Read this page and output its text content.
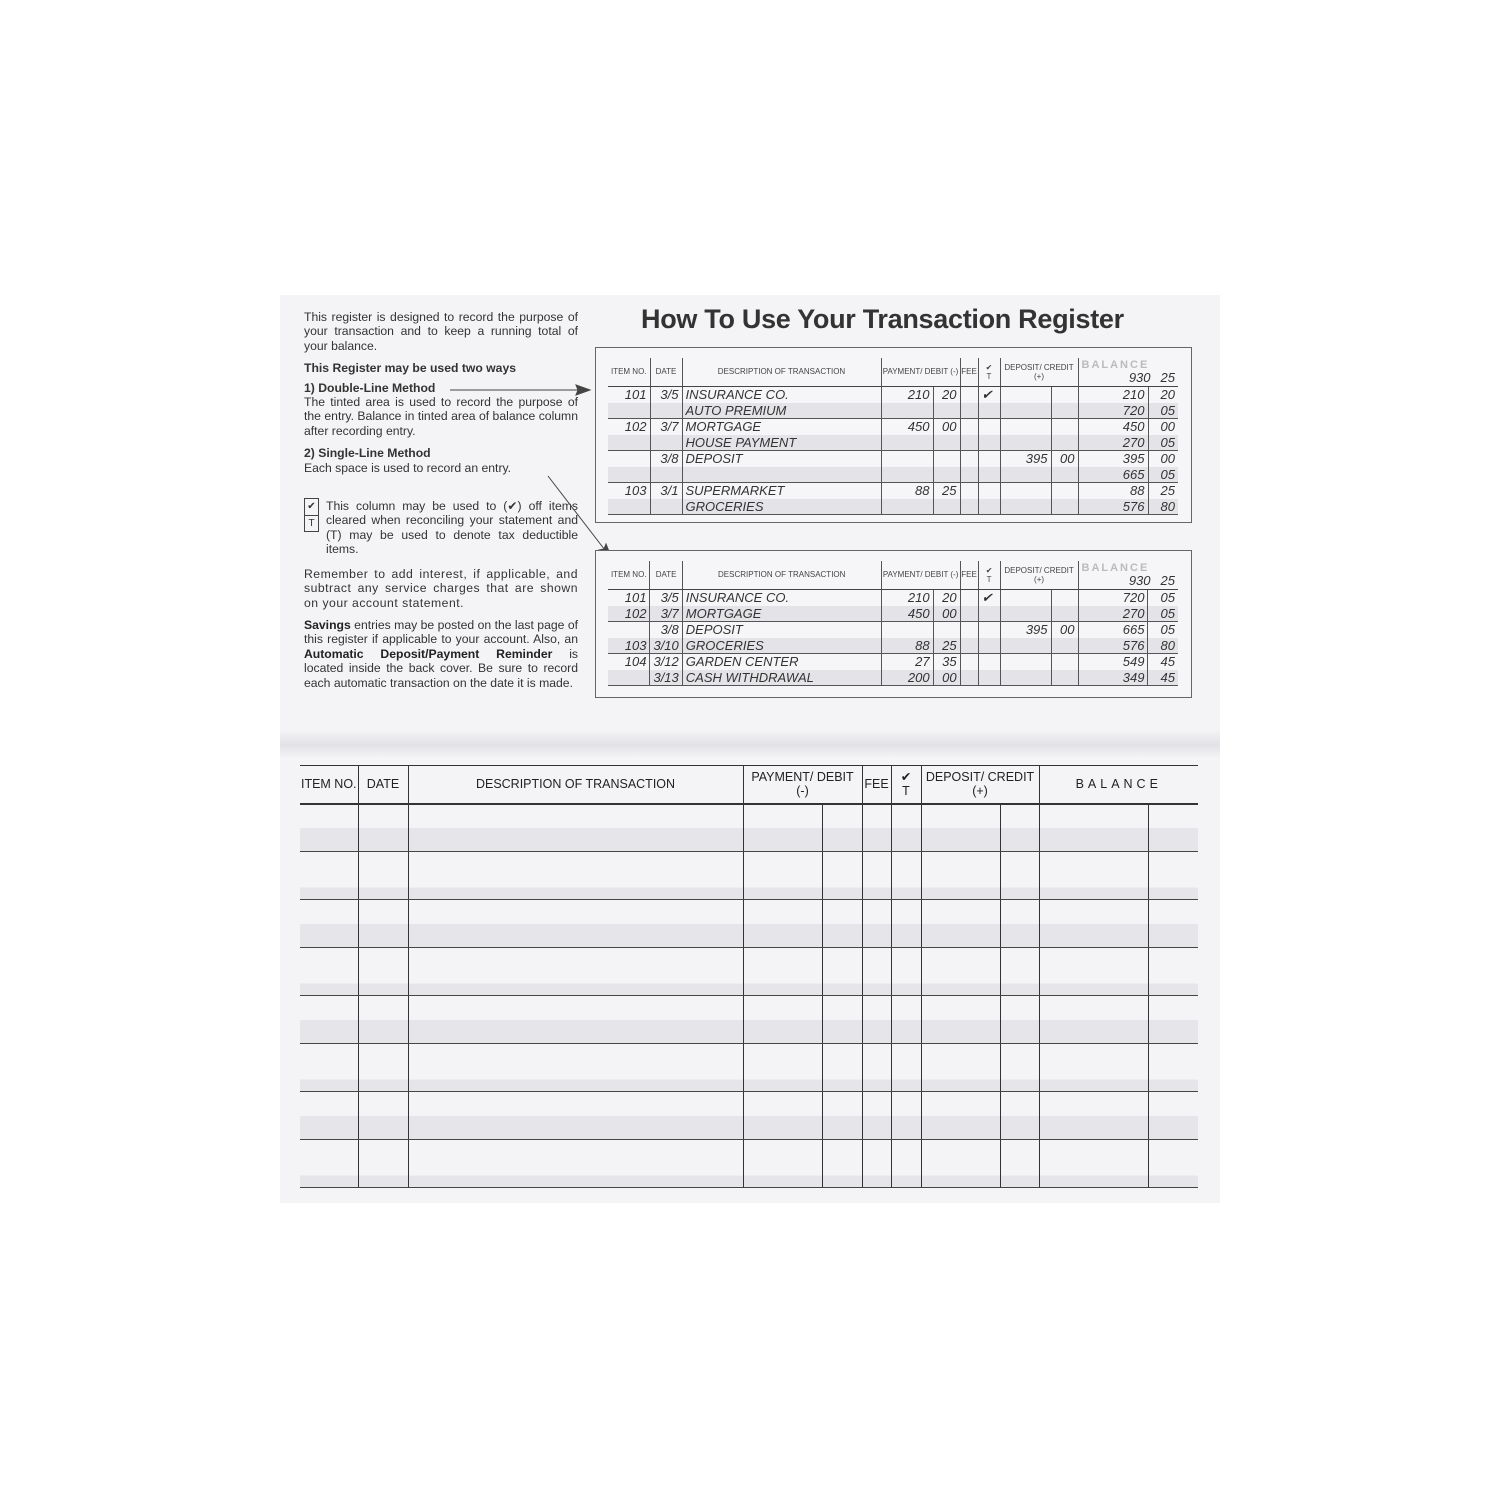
This register is designed to record the purpose of your transaction and to keep a running total of your balance.

This Register may be used two ways
1) Double-Line Method

The tinted area is used to record the purpose of the entry. Balance in tinted area of balance column after recording entry.

2) Single-Line Method

Each space is used to record an entry.

✔
T

This column may be used to (✔) off items cleared when reconciling your statement and (T) may be used to denote tax deductible items.

Remember to add interest, if applicable, and subtract any service charges that are shown on your account statement.

Savings entries may be posted on the last page of this register if applicable to your account. Also, an Automatic Deposit/Payment Reminder is located inside the back cover. Be sure to record each automatic transaction on the date it is made.

How To Use Your Transaction Register
ITEM NO.	DATE	DESCRIPTION OF TRANSACTION	PAYMENT/ DEBIT (-)		FEE	✔
T	DEPOSIT/ CREDIT (+)		BALANCE
930 25	

101	3/5	INSURANCE CO.	210	20		✔			210	20
		AUTO PREMIUM							720	05
102	3/7	MORTGAGE	450	00					450	00
		HOUSE PAYMENT							270	05
	3/8	DEPOSIT					395	00	395	00
									665	05
103	3/1	SUPERMARKET	88	25					88	25
		GROCERIES							576	80
ITEM NO.	DATE	DESCRIPTION OF TRANSACTION	PAYMENT/ DEBIT (-)		FEE	✔
T	DEPOSIT/ CREDIT (+)		BALANCE
930 25	

101	3/5	INSURANCE CO.	210	20		✔			720	05
102	3/7	MORTGAGE	450	00					270	05
	3/8	DEPOSIT					395	00	665	05
103	3/10	GROCERIES	88	25					576	80
104	3/12	GARDEN CENTER	27	35					549	45
	3/13	CASH WITHDRAWAL	200	00					349	45
ITEM NO.	DATE	DESCRIPTION OF TRANSACTION	PAYMENT/ DEBIT (-)		FEE	✔
T	DEPOSIT/ CREDIT (+)		BALANCE	
